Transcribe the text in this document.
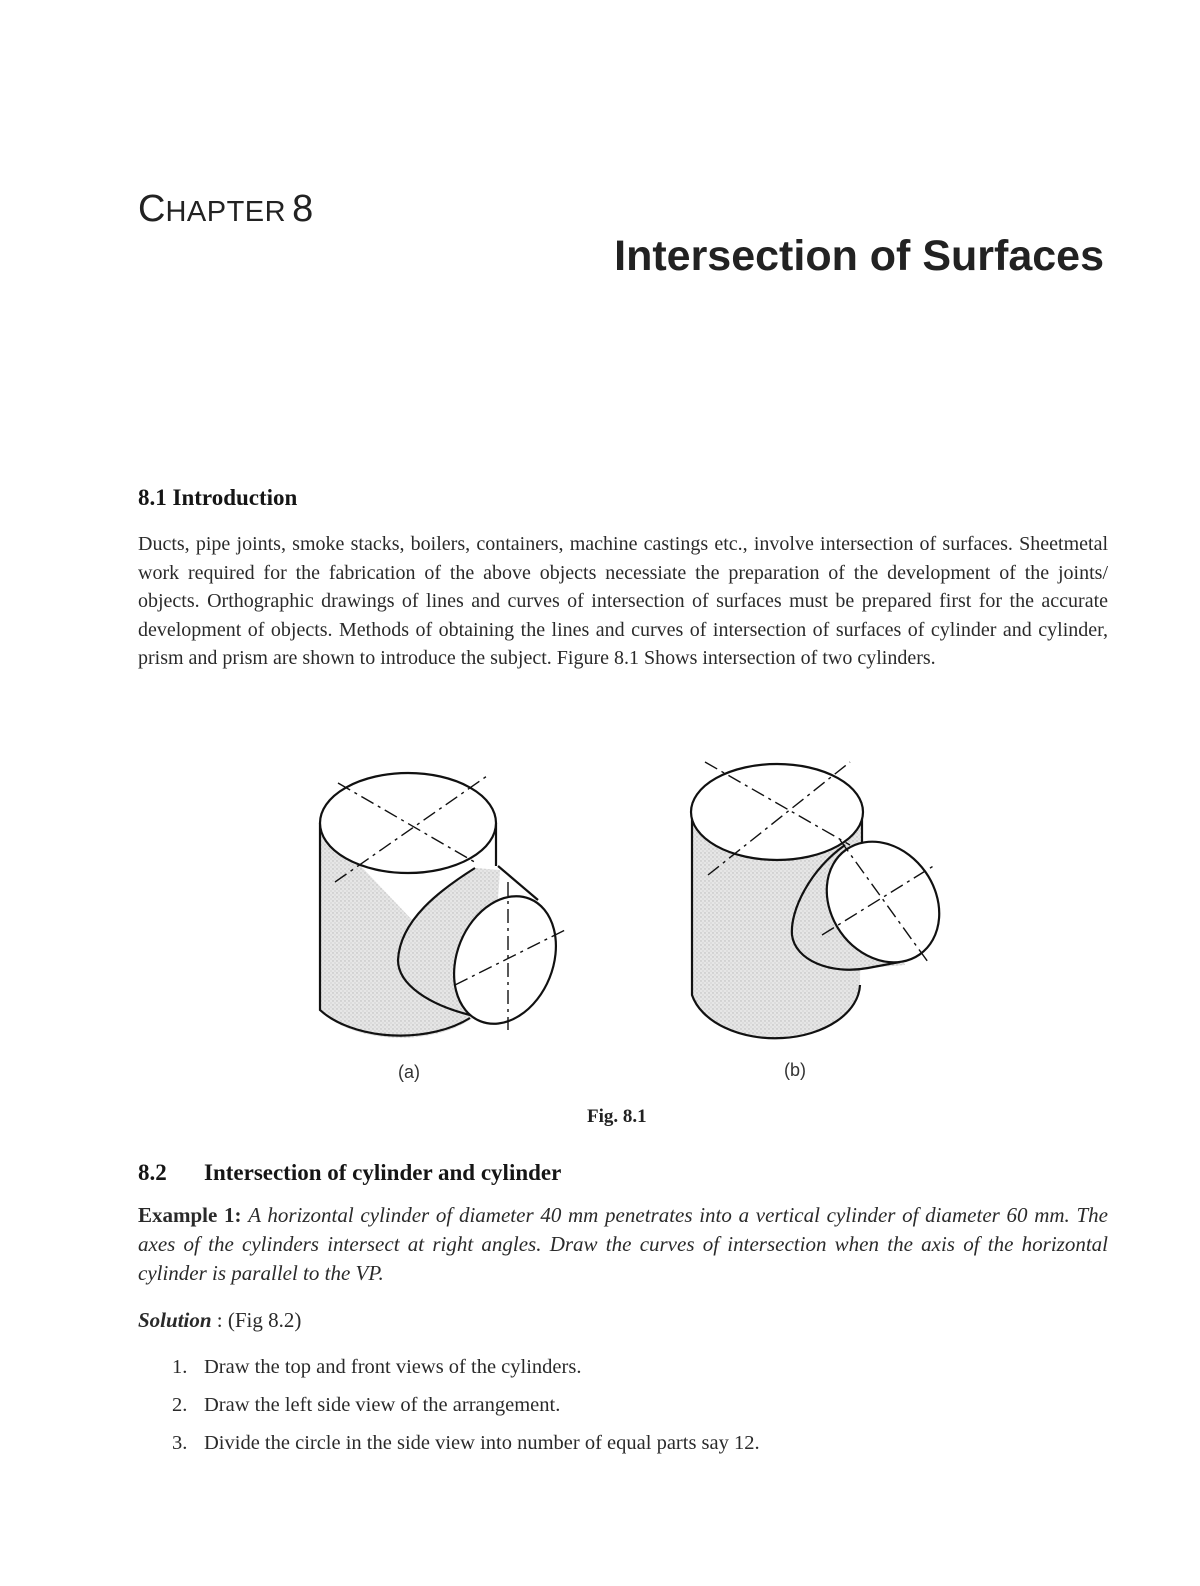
CHAPTER 8
Intersection of Surfaces
8.1 Introduction

Ducts, pipe joints, smoke stacks, boilers, containers, machine castings etc., involve intersection of surfaces. Sheetmetal work required for the fabrication of the above objects necessiate the preparation of the development of the joints/ objects. Orthographic drawings of lines and curves of intersection of surfaces must be prepared first for the accurate development of objects. Methods of obtaining the lines and curves of intersection of surfaces of cylinder and cylinder, prism and prism are shown to introduce the subject. Figure 8.1 Shows intersection of two cylinders.

(a)	(b)
Fig. 8.1
8.2 Intersection of cylinder and cylinder

Example 1: A horizontal cylinder of diameter 40 mm penetrates into a vertical cylinder of diameter 60 mm. The axes of the cylinders intersect at right angles. Draw the curves of intersection when the axis of the horizontal cylinder is parallel to the VP.

Solution : (Fig 8.2)
1. Draw the top and front views of the cylinders.
2. Draw the left side view of the arrangement.
3. Divide the circle in the side view into number of equal parts say 12.
